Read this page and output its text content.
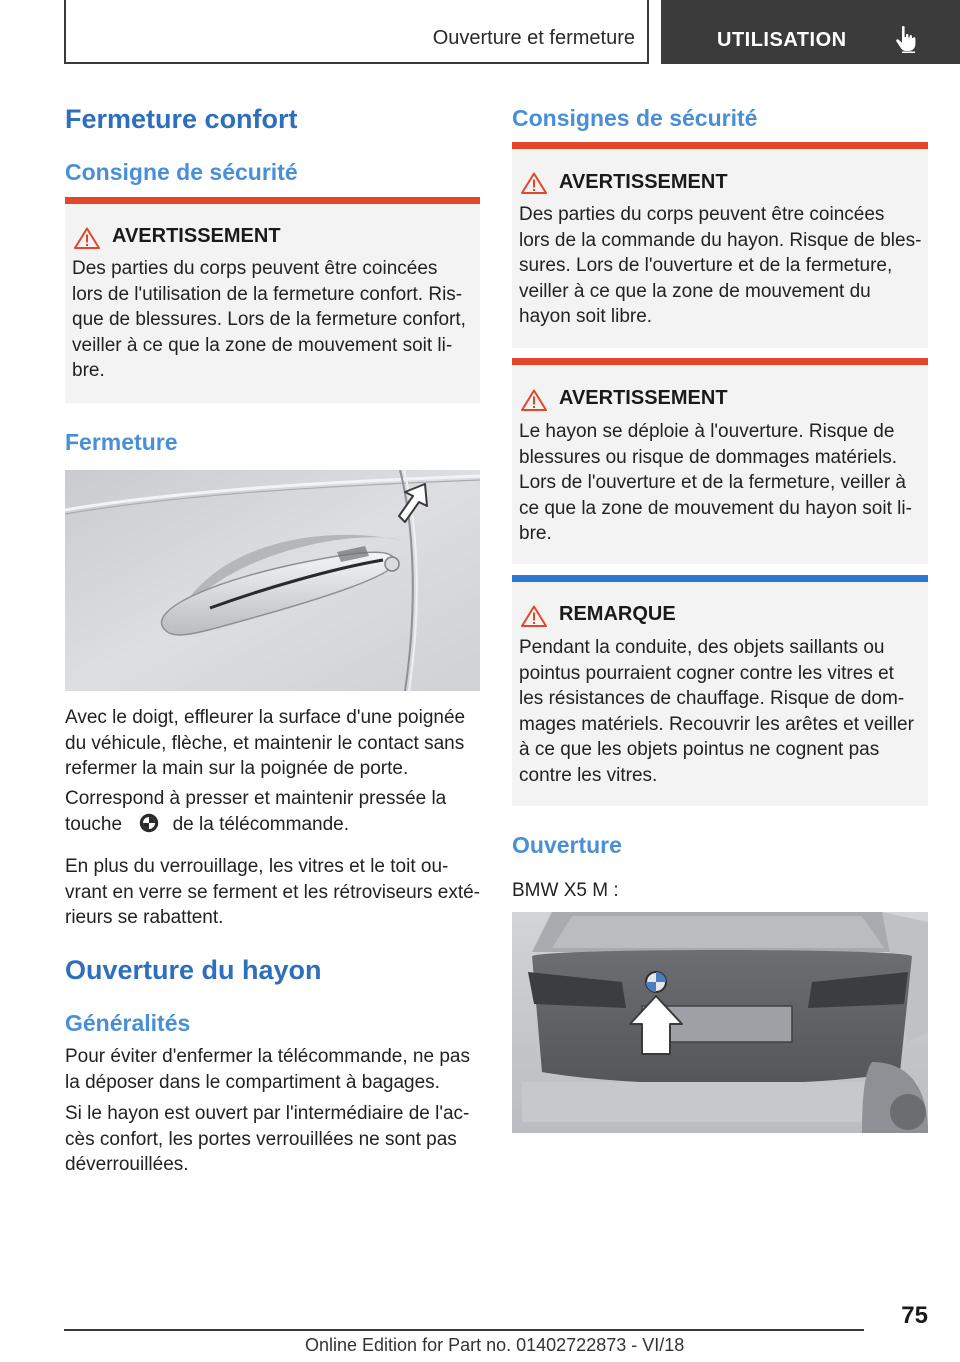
Ouverture et fermeture	UTILISATION
Fermeture confort
Consigne de sécurité
AVERTISSEMENT
Des parties du corps peuvent être coincées
lors de l'utilisation de la fermeture confort. Ris-
que de blessures. Lors de la fermeture confort,
veiller à ce que la zone de mouvement soit li-
bre.
Fermeture
Avec le doigt, effleurer la surface d'une poignée
du véhicule, flèche, et maintenir le contact sans
refermer la main sur la poignée de porte.
Correspond à presser et maintenir pressée la
touche	de la télécommande.
En plus du verrouillage, les vitres et le toit ou-
vrant en verre se ferment et les rétroviseurs exté-
rieurs se rabattent.
Ouverture du hayon
Généralités
Pour éviter d'enfermer la télécommande, ne pas
la déposer dans le compartiment à bagages.
Si le hayon est ouvert par l'intermédiaire de l'ac-
cès confort, les portes verrouillées ne sont pas
déverrouillées.
Consignes de sécurité
AVERTISSEMENT
Des parties du corps peuvent être coincées
lors de la commande du hayon. Risque de bles-
sures. Lors de l'ouverture et de la fermeture,
veiller à ce que la zone de mouvement du
hayon soit libre.
AVERTISSEMENT
Le hayon se déploie à l'ouverture. Risque de
blessures ou risque de dommages matériels.
Lors de l'ouverture et de la fermeture, veiller à
ce que la zone de mouvement du hayon soit li-
bre.
REMARQUE
Pendant la conduite, des objets saillants ou
pointus pourraient cogner contre les vitres et
les résistances de chauffage. Risque de dom-
mages matériels. Recouvrir les arêtes et veiller
à ce que les objets pointus ne cognent pas
contre les vitres.
Ouverture
BMW X5 M :
75
Online Edition for Part no. 01402722873 - VI/18
